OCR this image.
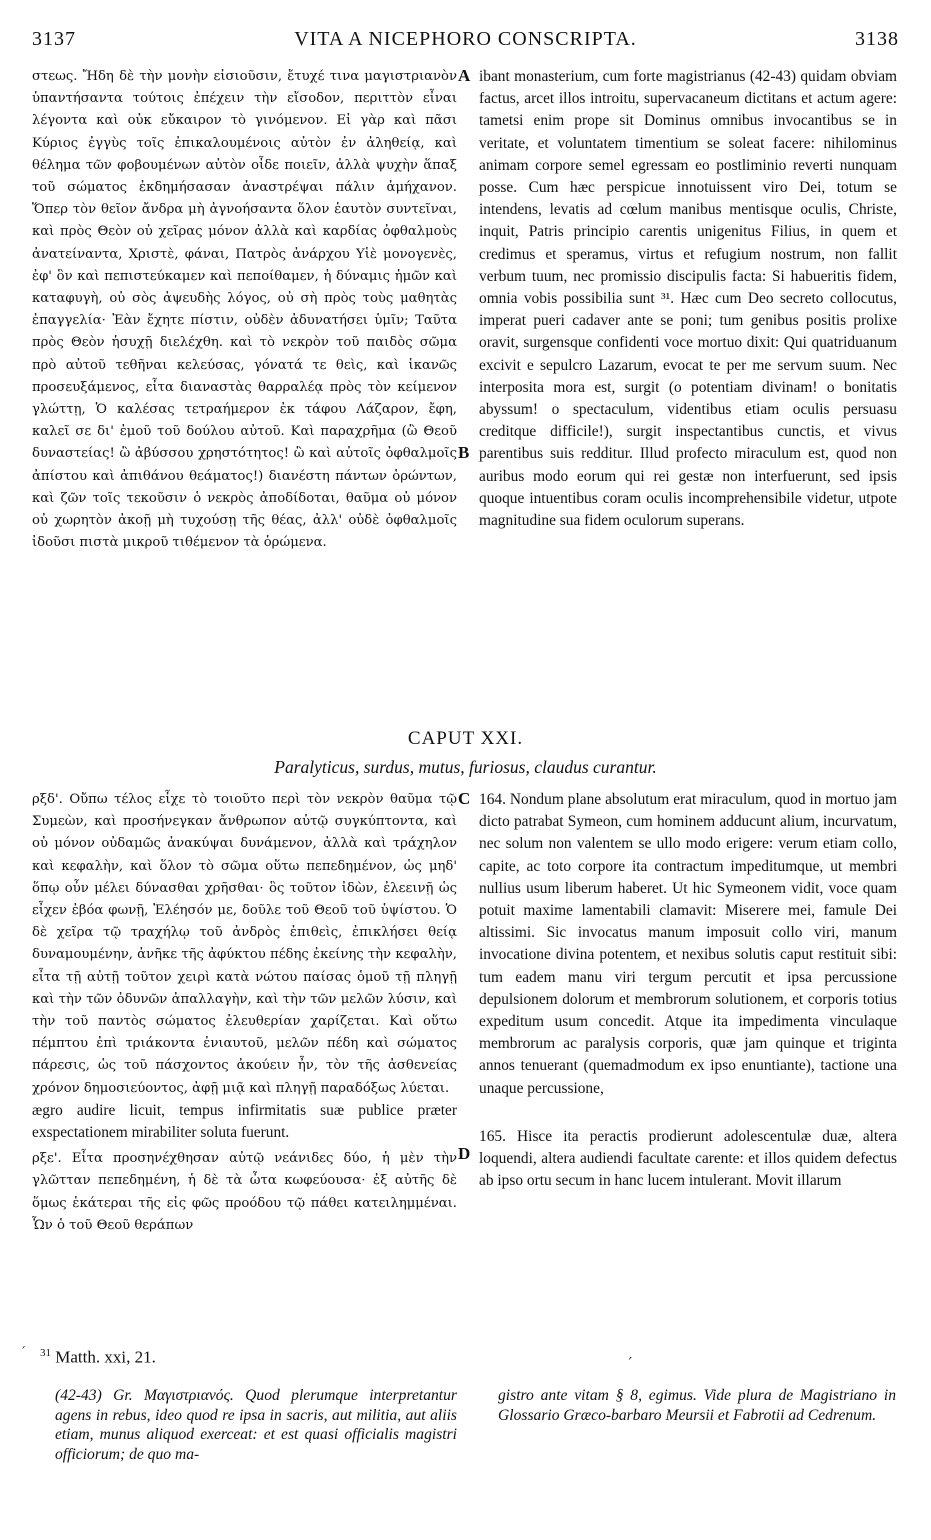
3137	VITA A NICEPHORO CONSCRIPTA.	3138

στεως. Ἤδη δὲ τὴν μονὴν εἰσιοῦσιν, ἔτυχέ τινα μαγιστριανὸν ὑπαντήσαντα τούτοις ἐπέχειν τὴν εἴσοδον, περιττὸν εἶναι λέγοντα καὶ οὐκ εὔκαιρον τὸ γινόμενον. Εἰ γὰρ καὶ πᾶσι Κύριος ἐγγὺς τοῖς ἐπικαλουμένοις αὐτὸν ἐν ἀληθείᾳ, καὶ θέλημα τῶν φοβουμένων αὐτὸν οἶδε ποιεῖν, ἀλλὰ ψυχὴν ἅπαξ τοῦ σώματος ἐκδημήσασαν ἀναστρέψαι πάλιν ἀμήχανον. Ὅπερ τὸν θεῖον ἄνδρα μὴ ἀγνοήσαντα ὅλον ἑαυτὸν συντεῖναι, καὶ πρὸς Θεὸν οὐ χεῖρας μόνον ἀλλὰ καὶ καρδίας ὀφθαλμοὺς ἀνατείναντα, Χριστὲ, φάναι, Πατρὸς ἀνάρχου Υἱὲ μονογενὲς, ἐφ' ὃν καὶ πεπιστεύκαμεν καὶ πεποίθαμεν, ἡ δύναμις ἡμῶν καὶ καταφυγὴ, οὐ σὸς ἀψευδὴς λόγος, οὐ σὴ πρὸς τοὺς μαθητὰς ἐπαγγελία· Ἐὰν ἔχητε πίστιν, οὐδὲν ἀδυνατήσει ὑμῖν; Ταῦτα πρὸς Θεὸν ἡσυχῇ διελέχθη. καὶ τὸ νεκρὸν τοῦ παιδὸς σῶμα πρὸ αὐτοῦ τεθῆναι κελεύσας, γόνατά τε θεὶς, καὶ ἱκανῶς προσευξάμενος, εἶτα διαναστὰς θαρραλέᾳ πρὸς τὸν κείμενον γλώττῃ, Ὁ καλέσας τετραήμερον ἐκ τάφου Λάζαρον, ἔφη, καλεῖ σε δι' ἐμοῦ τοῦ δούλου αὐτοῦ. Καὶ παραχρῆμα (ὢ Θεοῦ δυναστείας! ὢ ἀβύσσου χρηστότητος! ὢ καὶ αὐτοῖς ὀφθαλμοῖς ἀπίστου καὶ ἀπιθάνου θεάματος!) διανέστη πάντων ὁρώντων, καὶ ζῶν τοῖς τεκοῦσιν ὁ νεκρὸς ἀποδίδοται, θαῦμα οὐ μόνον οὐ χωρητὸν ἀκοῇ μὴ τυχούσῃ τῆς θέας, ἀλλ' οὐδὲ ὀφθαλμοῖς ἰδοῦσι πιστὰ μικροῦ τιθέμενον τὰ ὁρώμενα.

A
B

ibant monasterium, cum forte magistrianus (42-43) quidam obviam factus, arcet illos introitu, supervacaneum dictitans et actum agere: tametsi enim prope sit Dominus omnibus invocantibus se in veritate, et voluntatem timentium se soleat facere: nihilominus animam corpore semel egressam eo postliminio reverti nunquam posse. Cum hæc perspicue innotuissent viro Dei, totum se intendens, levatis ad cœlum manibus mentisque oculis, Christe, inquit, Patris principio carentis unigenitus Filius, in quem et credimus et speramus, virtus et refugium nostrum, non fallit verbum tuum, nec promissio discipulis facta: Si habueritis fidem, omnia vobis possibilia sunt ³¹. Hæc cum Deo secreto collocutus, imperat pueri cadaver ante se poni; tum genibus positis prolixe oravit, surgensque confidenti voce mortuo dixit: Qui quatriduanum excivit e sepulcro Lazarum, evocat te per me servum suum. Nec interposita mora est, surgit (o potentiam divinam! o bonitatis abyssum! o spectaculum, videntibus etiam oculis persuasu creditque difficile!), surgit inspectantibus cunctis, et vivus parentibus suis redditur. Illud profecto miraculum est, quod non auribus modo eorum qui rei gestæ non interfuerunt, sed ipsis quoque intuentibus coram oculis incomprehensibile videtur, utpote magnitudine sua fidem oculorum superans.

CAPUT XXI.
Paralyticus, surdus, mutus, furiosus, claudus curantur.

ρξδ'. Οὔπω τέλος εἶχε τὸ τοιοῦτο περὶ τὸν νεκρὸν θαῦμα τῷ Συμεὼν, καὶ προσήνεγκαν ἄνθρωπον αὐτῷ συγκύπτοντα, καὶ οὐ μόνον οὐδαμῶς ἀνακύψαι δυνάμενον, ἀλλὰ καὶ τράχηλον καὶ κεφαλὴν, καὶ ὅλον τὸ σῶμα οὕτω πεπεδημένον, ὡς μηδ' ὅπῳ οὖν μέλει δύνασθαι χρῆσθαι· ὃς τοῦτον ἰδὼν, ἐλεεινῇ ὡς εἶχεν ἐβόα φωνῇ, Ἐλέησόν με, δοῦλε τοῦ Θεοῦ τοῦ ὑψίστου. Ὁ δὲ χεῖρα τῷ τραχήλῳ τοῦ ἀνδρὸς ἐπιθεὶς, ἐπικλήσει θείᾳ δυναμουμένην, ἀνῆκε τῆς ἀφύκτου πέδης ἐκείνης τὴν κεφαλὴν, εἶτα τῇ αὐτῇ τοῦτον χειρὶ κατὰ νώτου παίσας ὁμοῦ τῇ πληγῇ καὶ τὴν τῶν ὀδυνῶν ἀπαλλαγὴν, καὶ τὴν τῶν μελῶν λύσιν, καὶ τὴν τοῦ παντὸς σώματος ἐλευθερίαν χαρίζεται. Καὶ οὕτω πέμπτου ἐπὶ τριάκοντα ἐνιαυτοῦ, μελῶν πέδη καὶ σώματος πάρεσις, ὡς τοῦ πάσχοντος ἀκούειν ἦν, τὸν τῆς ἀσθενείας χρόνον δημοσιεύοντος, ἀφῇ μιᾷ καὶ πληγῇ παραδόξως λύεται.

ægro audire licuit, tempus infirmitatis suæ publice præter exspectationem mirabiliter soluta fuerunt.

ρξε'. Εἶτα προσηνέχθησαν αὐτῷ νεάνιδες δύο, ἡ μὲν τὴν γλῶτταν πεπεδημένη, ἡ δὲ τὰ ὦτα κωφεύουσα· ἐξ αὐτῆς δὲ ὅμως ἑκάτεραι τῆς εἰς φῶς προόδου τῷ πάθει κατειλημμέναι. Ὧν ὁ τοῦ Θεοῦ θεράπων

C
D

164. Nondum plane absolutum erat miraculum, quod in mortuo jam dicto patrabat Symeon, cum hominem adducunt alium, incurvatum, nec solum non valentem se ullo modo erigere: verum etiam collo, capite, ac toto corpore ita contractum impeditumque, ut membri nullius usum liberum haberet. Ut hic Symeonem vidit, voce quam potuit maxime lamentabili clamavit: Miserere mei, famule Dei altissimi. Sic invocatus manum imposuit collo viri, manum invocatione divina potentem, et nexibus solutis caput restituit sibi: tum eadem manu viri tergum percutit et ipsa percussione depulsionem dolorum et membrorum solutionem, et corporis totius expeditum usum concedit. Atque ita impedimenta vinculaque membrorum ac paralysis corporis, quæ jam quinque et triginta annos tenuerant (quemadmodum ex ipso enuntiante), tactione una unaque percussione,

165. Hisce ita peractis prodierunt adolescentulæ duæ, altera loquendi, altera audiendi facultate carente: et illos quidem defectus ab ipso ortu secum in hanc lucem intulerant. Movit illarum

ˊ $^{31}$ Matth. xxi, 21.	ˊ
(42-43) Gr. Μαγιστριανός. Quod plerumque interpretantur agens in rebus, ideo quod re ipsa in sacris, aut militia, aut aliis etiam, munus aliquod exerceat: et est quasi officialis magistri officiorum; de quo ma-
gistro ante vitam § 8, egimus. Vide plura de Magistriano in Glossario Græco-barbaro Meursii et Fabrotii ad Cedrenum.
